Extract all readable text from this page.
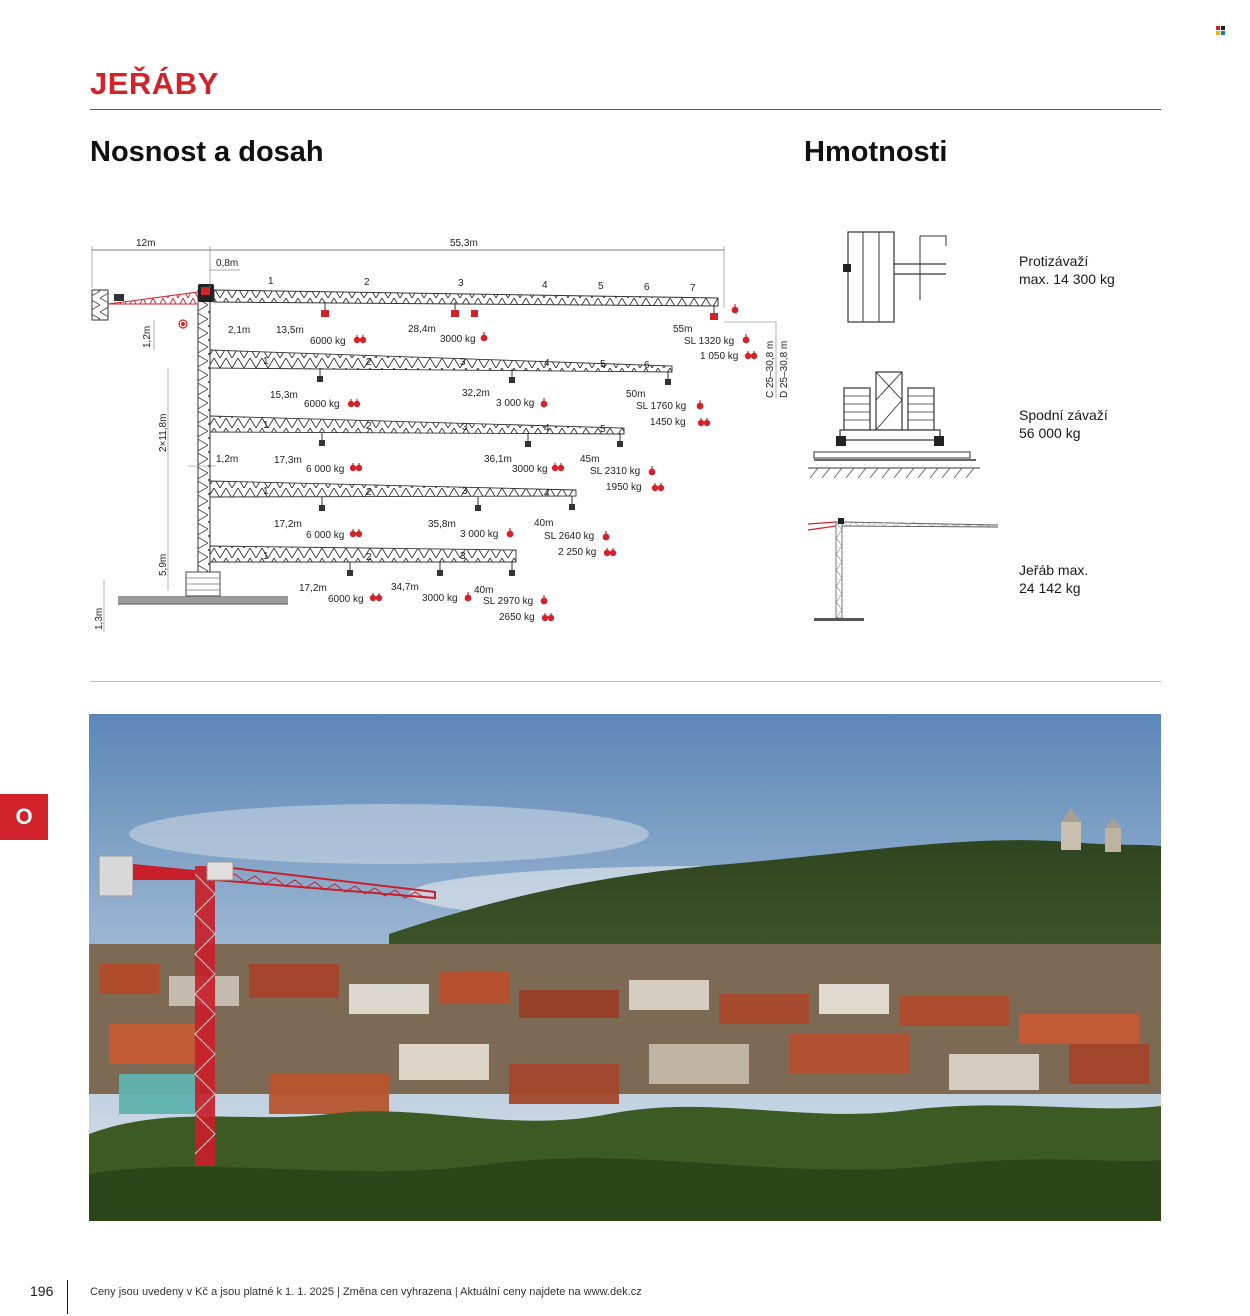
JEŘÁBY
Nosnost a dosah	Hmotnosti
12m	55,3m
0,8m
1	2	3	4	5	6	7
2,1m	13,5m
6000 kg
28,4m
3000 kg
55m
SL 1320 kg
1 050 kg
1	2	3	4	5	6
15,3m
6000 kg
32,2m
3 000 kg
50m
SL 1760 kg
1450 kg
1	2	3	4	5
17,3m
6 000 kg
36,1m
3000 kg
45m
SL 2310 kg
1950 kg
1	2	3	4
17,2m
6 000 kg
35,8m
3 000 kg
40m
SL 2640 kg
2 250 kg
1	2	3
17,2m
6000 kg
34,7m
3000 kg
40m
SL 2970 kg
2650 kg
1,2m
2×11,8m
5,9m
1,3m
1,2m
C 25–30,8 m D 25–30,8 m
Protizávaží
max. 14 300 kg
Spodní závaží
56 000 kg
Jeřáb max.
24 142 kg
O
196	Ceny jsou uvedeny v Kč a jsou platné k 1. 1. 2025 | Změna cen vyhrazena | Aktuální ceny najdete na www.dek.cz
